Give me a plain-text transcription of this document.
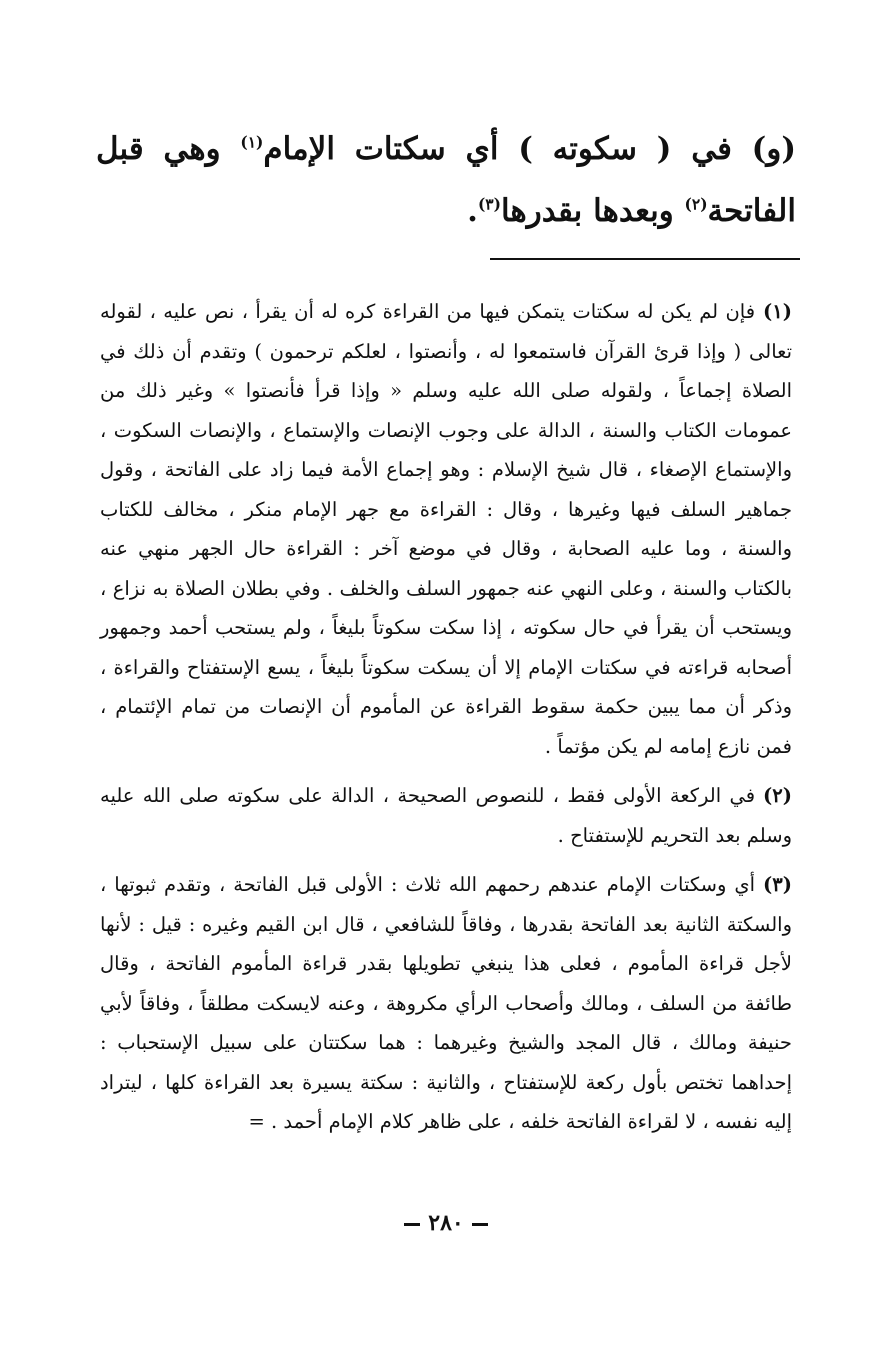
(و) في ( سكوته ) أي سكتات الإمام$^{(١)}$ وهي قبل الفاتحة$^{(٢)}$ وبعدها بقدرها$^{(٣)}$.

(١)فإن لم يكن له سكتات يتمكن فيها من القراءة كره له أن يقرأ ، نص عليه ، لقوله تعالى ( وإذا قرئ القرآن فاستمعوا له ، وأنصتوا ، لعلكم ترحمون ) وتقدم أن ذلك في الصلاة إجماعاً ، ولقوله صلى الله عليه وسلم « وإذا قرأ فأنصتوا » وغير ذلك من عمومات الكتاب والسنة ، الدالة على وجوب الإنصات والإستماع ، والإنصات السكوت ، والإستماع الإصغاء ، قال شيخ الإسلام : وهو إجماع الأمة فيما زاد على الفاتحة ، وقول جماهير السلف فيها وغيرها ، وقال : القراءة مع جهر الإمام منكر ، مخالف للكتاب والسنة ، وما عليه الصحابة ، وقال في موضع آخر : القراءة حال الجهر منهي عنه بالكتاب والسنة ، وعلى النهي عنه جمهور السلف والخلف . وفي بطلان الصلاة به نزاع ، ويستحب أن يقرأ في حال سكوته ، إذا سكت سكوتاً بليغاً ، ولم يستحب أحمد وجمهور أصحابه قراءته في سكتات الإمام إلا أن يسكت سكوتاً بليغاً ، يسع الإستفتاح والقراءة ، وذكر أن مما يبين حكمة سقوط القراءة عن المأموم أن الإنصات من تمام الإئتمام ، فمن نازع إمامه لم يكن مؤتماً .

(٢)في الركعة الأولى فقط ، للنصوص الصحيحة ، الدالة على سكوته صلى الله عليه وسلم بعد التحريم للإستفتاح .

(٣)أي وسكتات الإمام عندهم رحمهم الله ثلاث : الأولى قبل الفاتحة ، وتقدم ثبوتها ، والسكتة الثانية بعد الفاتحة بقدرها ، وفاقاً للشافعي ، قال ابن القيم وغيره : قيل : لأنها لأجل قراءة المأموم ، فعلى هذا ينبغي تطويلها بقدر قراءة المأموم الفاتحة ، وقال طائفة من السلف ، ومالك وأصحاب الرأي مكروهة ، وعنه لايسكت مطلقاً ، وفاقاً لأبي حنيفة ومالك ، قال المجد والشيخ وغيرهما : هما سكتتان على سبيل الإستحباب : إحداهما تختص بأول ركعة للإستفتاح ، والثانية : سكتة يسيرة بعد القراءة كلها ، ليتراد إليه نفسه ، لا لقراءة الفاتحة خلفه ، على ظاهر كلام الإمام أحمد . =

٢٨٠
